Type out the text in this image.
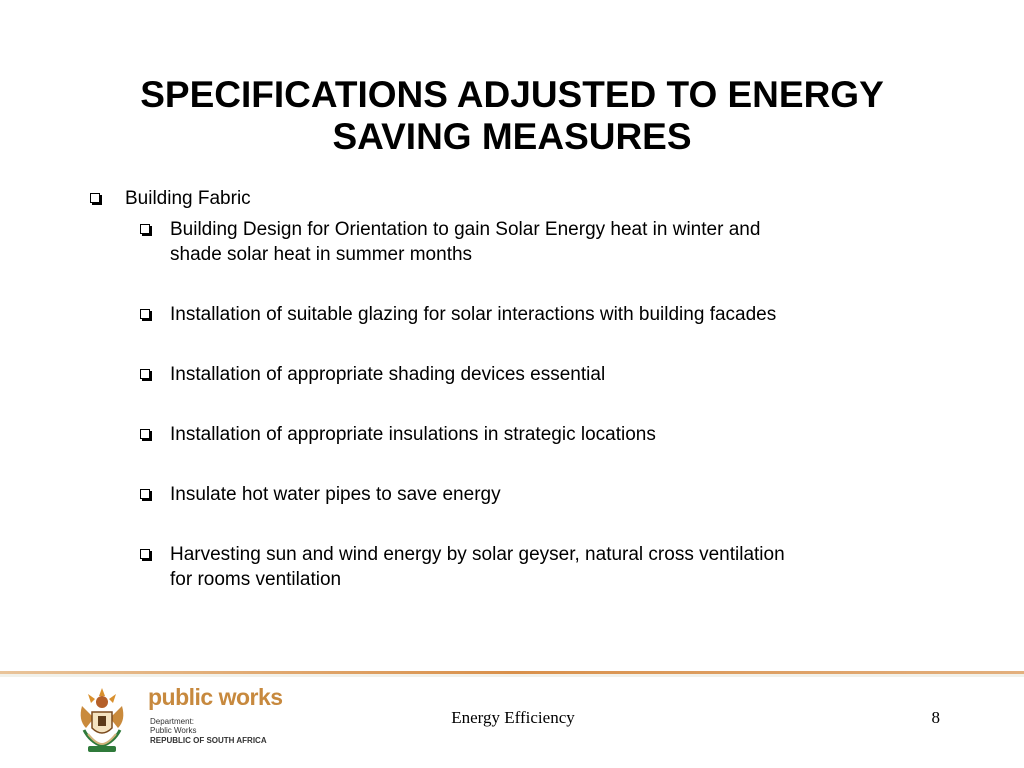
SPECIFICATIONS ADJUSTED TO ENERGY
SAVING MEASURES
Building Fabric
Building Design for Orientation to gain Solar Energy heat in winter and
shade solar heat in summer months
Installation of suitable glazing for solar interactions with building facades
Installation of appropriate shading devices essential
Installation of appropriate insulations in strategic locations
Insulate hot water pipes to save energy
Harvesting sun and wind energy by solar geyser, natural cross ventilation
for rooms ventilation
public works
Department:
Public Works
REPUBLIC OF SOUTH AFRICA
Energy Efficiency	8
